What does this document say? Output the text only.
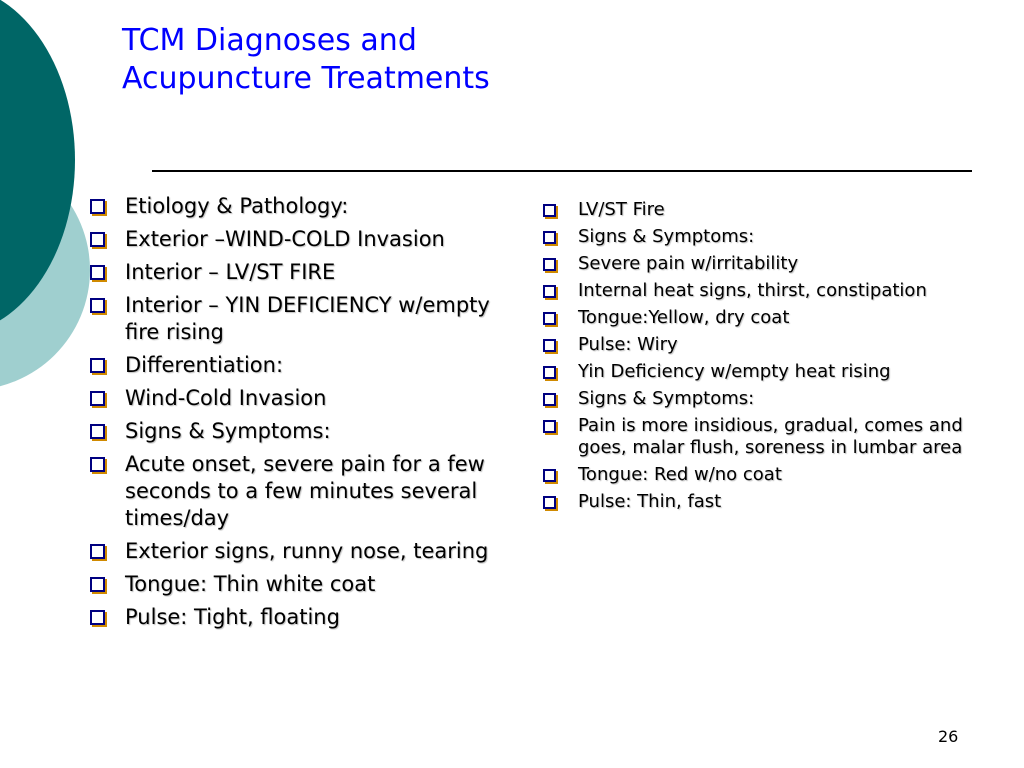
TCM Diagnoses and
Acupuncture Treatments
Etiology & Pathology:
Exterior –WIND-COLD Invasion
Interior – LV/ST FIRE
Interior – YIN DEFICIENCY w/empty fire rising
Differentiation:
Wind-Cold Invasion
Signs & Symptoms:
Acute onset, severe pain for a few seconds to a few minutes several times/day
Exterior signs, runny nose, tearing
Tongue: Thin white coat
Pulse: Tight, floating
LV/ST Fire
Signs & Symptoms:
Severe pain w/irritability
Internal heat signs, thirst, constipation
Tongue:Yellow, dry coat
Pulse: Wiry
Yin Deficiency w/empty heat rising
Signs & Symptoms:
Pain is more insidious, gradual, comes and goes, malar flush, soreness in lumbar area
Tongue: Red w/no coat
Pulse: Thin, fast
26
